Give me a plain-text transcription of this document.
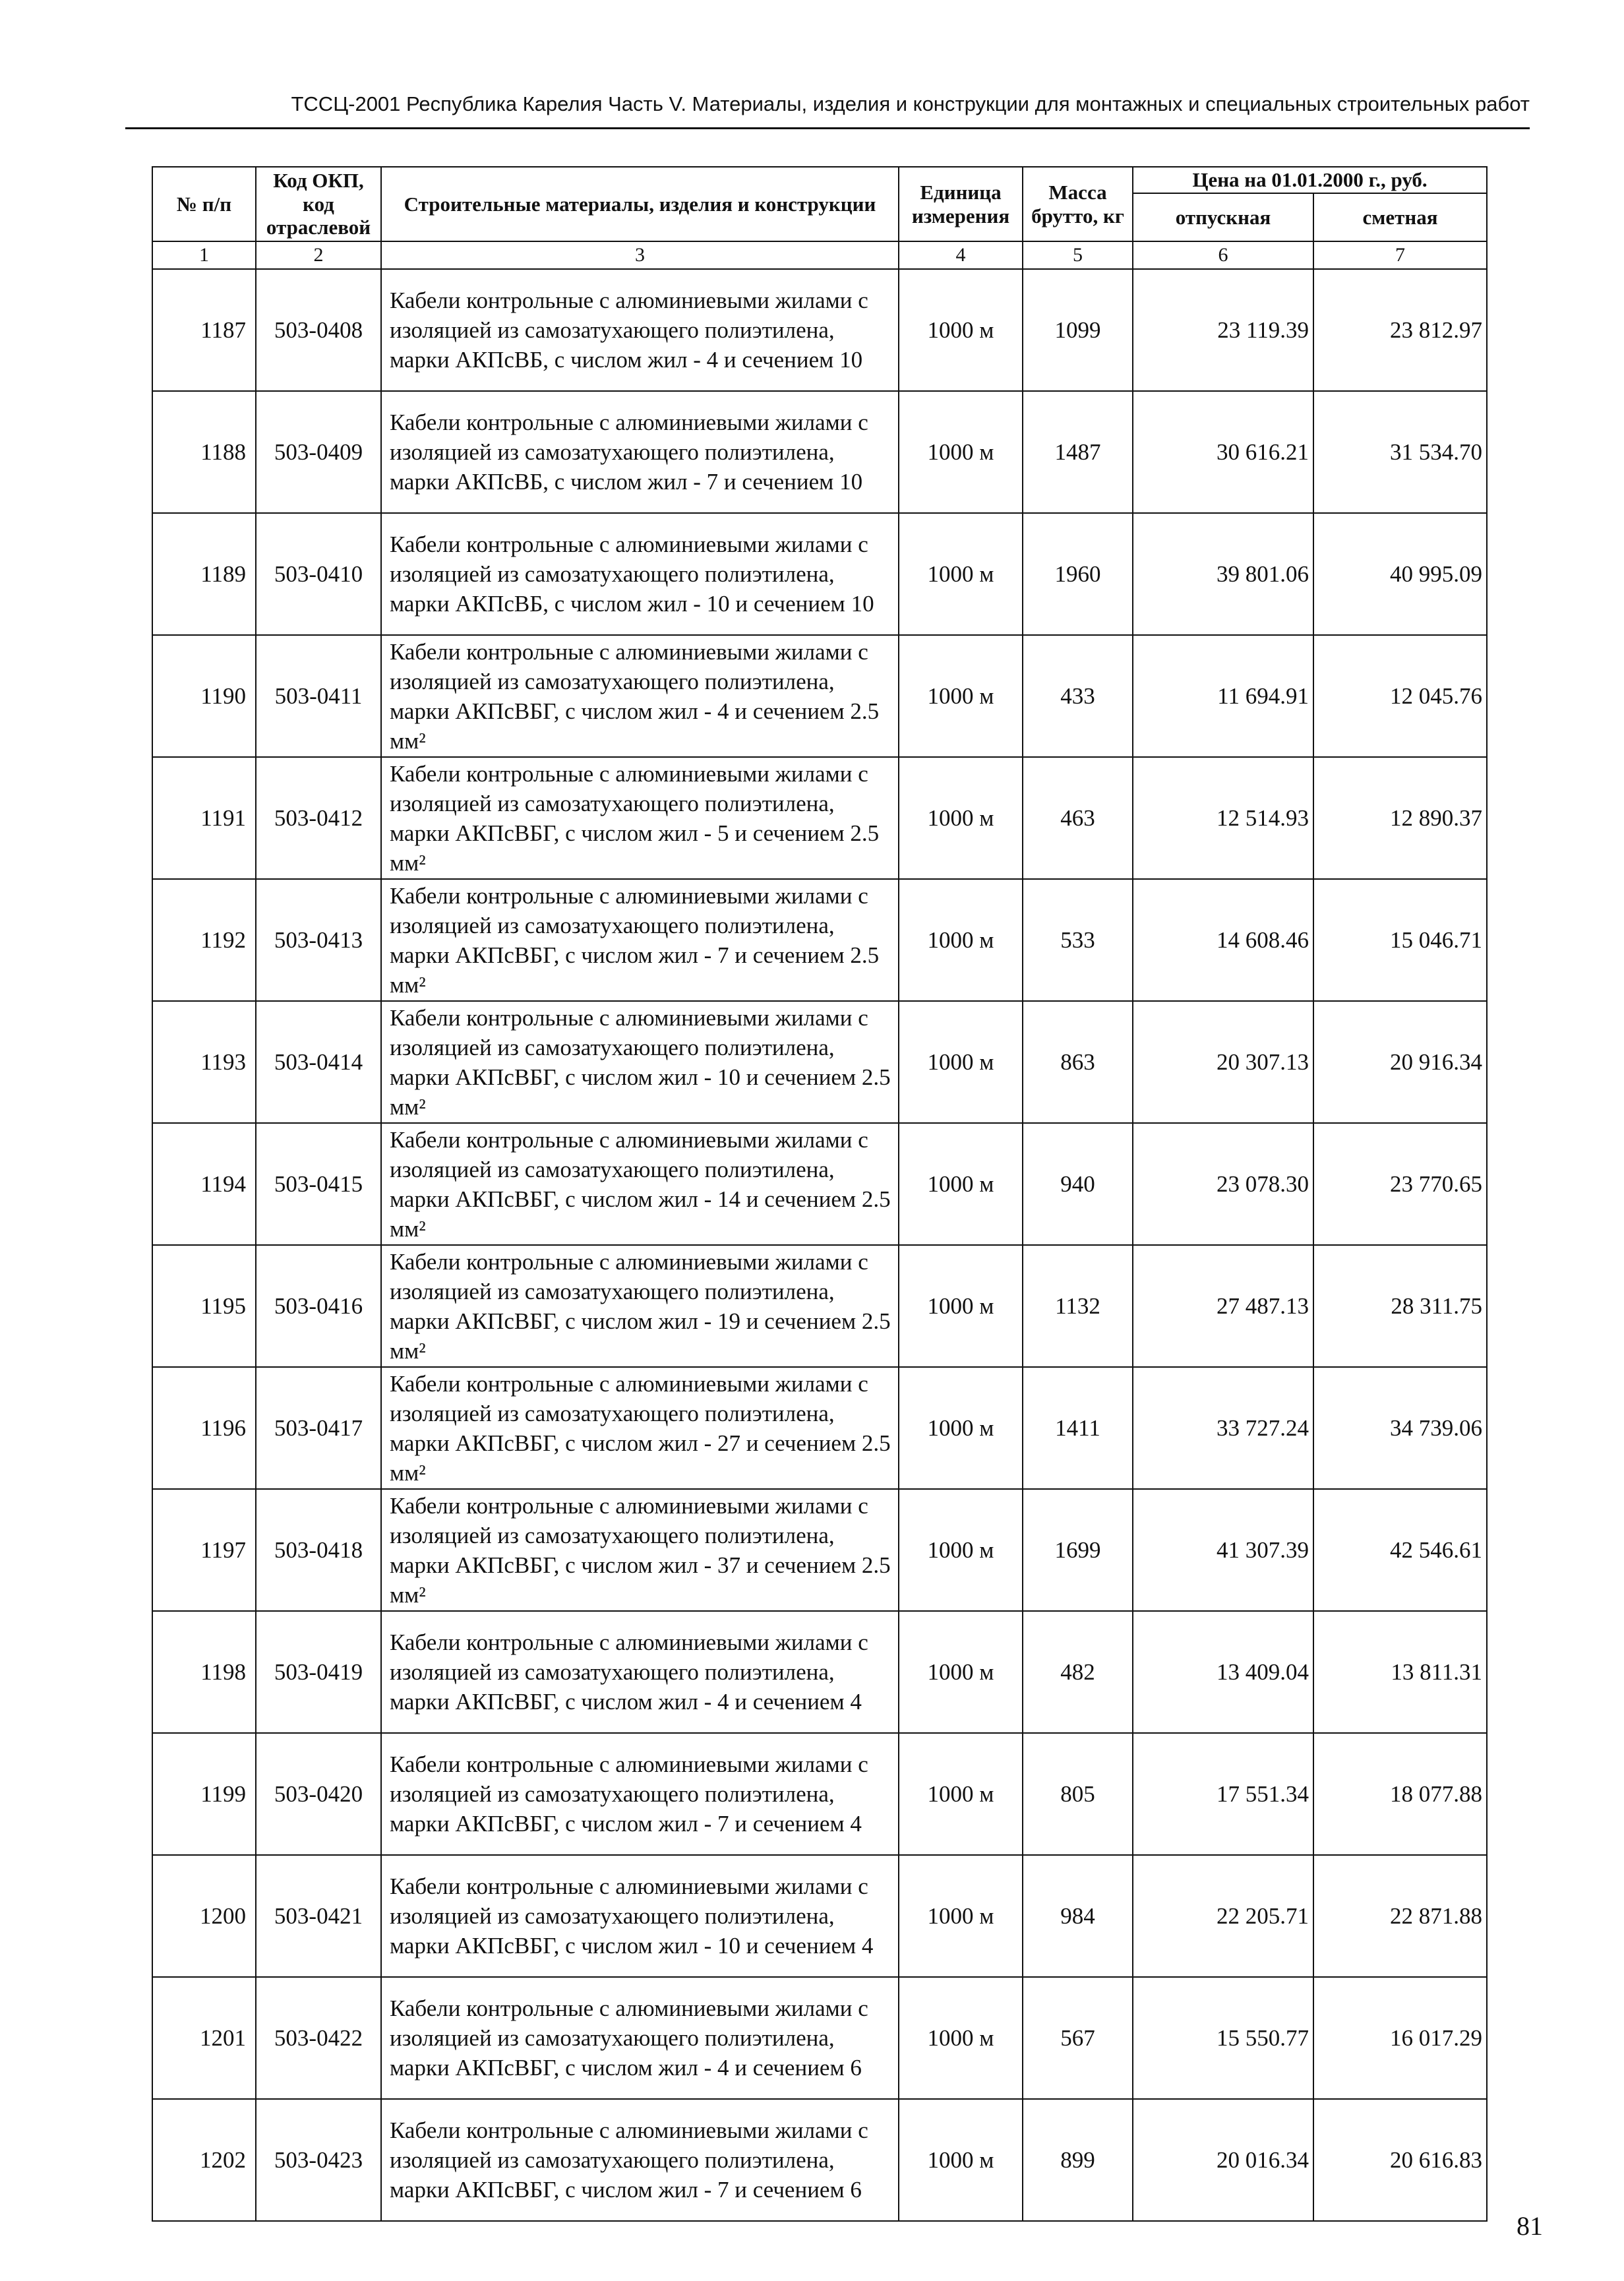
ТССЦ-2001 Республика Карелия Часть V. Материалы, изделия и конструкции для монтажных и специальных строительных работ
№ п/п	Код ОКП, код отраслевой	Строительные материалы, изделия и конструкции	Единица измерения	Масса брутто, кг	Цена на 01.01.2000 г., руб.	
					отпускная	сметная
1	2	3	4	5	6	7
1187	503-0408	Кабели контрольные с алюминиевыми жилами с изоляцией из самозатухающего полиэтилена, марки АКПсВБ, с числом жил - 4 и сечением 10	1000 м	1099	23 119.39	23 812.97
1188	503-0409	Кабели контрольные с алюминиевыми жилами с изоляцией из самозатухающего полиэтилена, марки АКПсВБ, с числом жил - 7 и сечением 10	1000 м	1487	30 616.21	31 534.70
1189	503-0410	Кабели контрольные с алюминиевыми жилами с изоляцией из самозатухающего полиэтилена, марки АКПсВБ, с числом жил - 10 и сечением 10	1000 м	1960	39 801.06	40 995.09
1190	503-0411	Кабели контрольные с алюминиевыми жилами с изоляцией из самозатухающего полиэтилена, марки АКПсВБГ, с числом жил - 4 и сечением 2.5 мм²	1000 м	433	11 694.91	12 045.76
1191	503-0412	Кабели контрольные с алюминиевыми жилами с изоляцией из самозатухающего полиэтилена, марки АКПсВБГ, с числом жил - 5 и сечением 2.5 мм²	1000 м	463	12 514.93	12 890.37
1192	503-0413	Кабели контрольные с алюминиевыми жилами с изоляцией из самозатухающего полиэтилена, марки АКПсВБГ, с числом жил - 7 и сечением 2.5 мм²	1000 м	533	14 608.46	15 046.71
1193	503-0414	Кабели контрольные с алюминиевыми жилами с изоляцией из самозатухающего полиэтилена, марки АКПсВБГ, с числом жил - 10 и сечением 2.5 мм²	1000 м	863	20 307.13	20 916.34
1194	503-0415	Кабели контрольные с алюминиевыми жилами с изоляцией из самозатухающего полиэтилена, марки АКПсВБГ, с числом жил - 14 и сечением 2.5 мм²	1000 м	940	23 078.30	23 770.65
1195	503-0416	Кабели контрольные с алюминиевыми жилами с изоляцией из самозатухающего полиэтилена, марки АКПсВБГ, с числом жил - 19 и сечением 2.5 мм²	1000 м	1132	27 487.13	28 311.75
1196	503-0417	Кабели контрольные с алюминиевыми жилами с изоляцией из самозатухающего полиэтилена, марки АКПсВБГ, с числом жил - 27 и сечением 2.5 мм²	1000 м	1411	33 727.24	34 739.06
1197	503-0418	Кабели контрольные с алюминиевыми жилами с изоляцией из самозатухающего полиэтилена, марки АКПсВБГ, с числом жил - 37 и сечением 2.5 мм²	1000 м	1699	41 307.39	42 546.61
1198	503-0419	Кабели контрольные с алюминиевыми жилами с изоляцией из самозатухающего полиэтилена, марки АКПсВБГ, с числом жил - 4 и сечением 4	1000 м	482	13 409.04	13 811.31
1199	503-0420	Кабели контрольные с алюминиевыми жилами с изоляцией из самозатухающего полиэтилена, марки АКПсВБГ, с числом жил - 7 и сечением 4	1000 м	805	17 551.34	18 077.88
1200	503-0421	Кабели контрольные с алюминиевыми жилами с изоляцией из самозатухающего полиэтилена, марки АКПсВБГ, с числом жил - 10 и сечением 4	1000 м	984	22 205.71	22 871.88
1201	503-0422	Кабели контрольные с алюминиевыми жилами с изоляцией из самозатухающего полиэтилена, марки АКПсВБГ, с числом жил - 4 и сечением 6	1000 м	567	15 550.77	16 017.29
1202	503-0423	Кабели контрольные с алюминиевыми жилами с изоляцией из самозатухающего полиэтилена, марки АКПсВБГ, с числом жил - 7 и сечением 6	1000 м	899	20 016.34	20 616.83
81
